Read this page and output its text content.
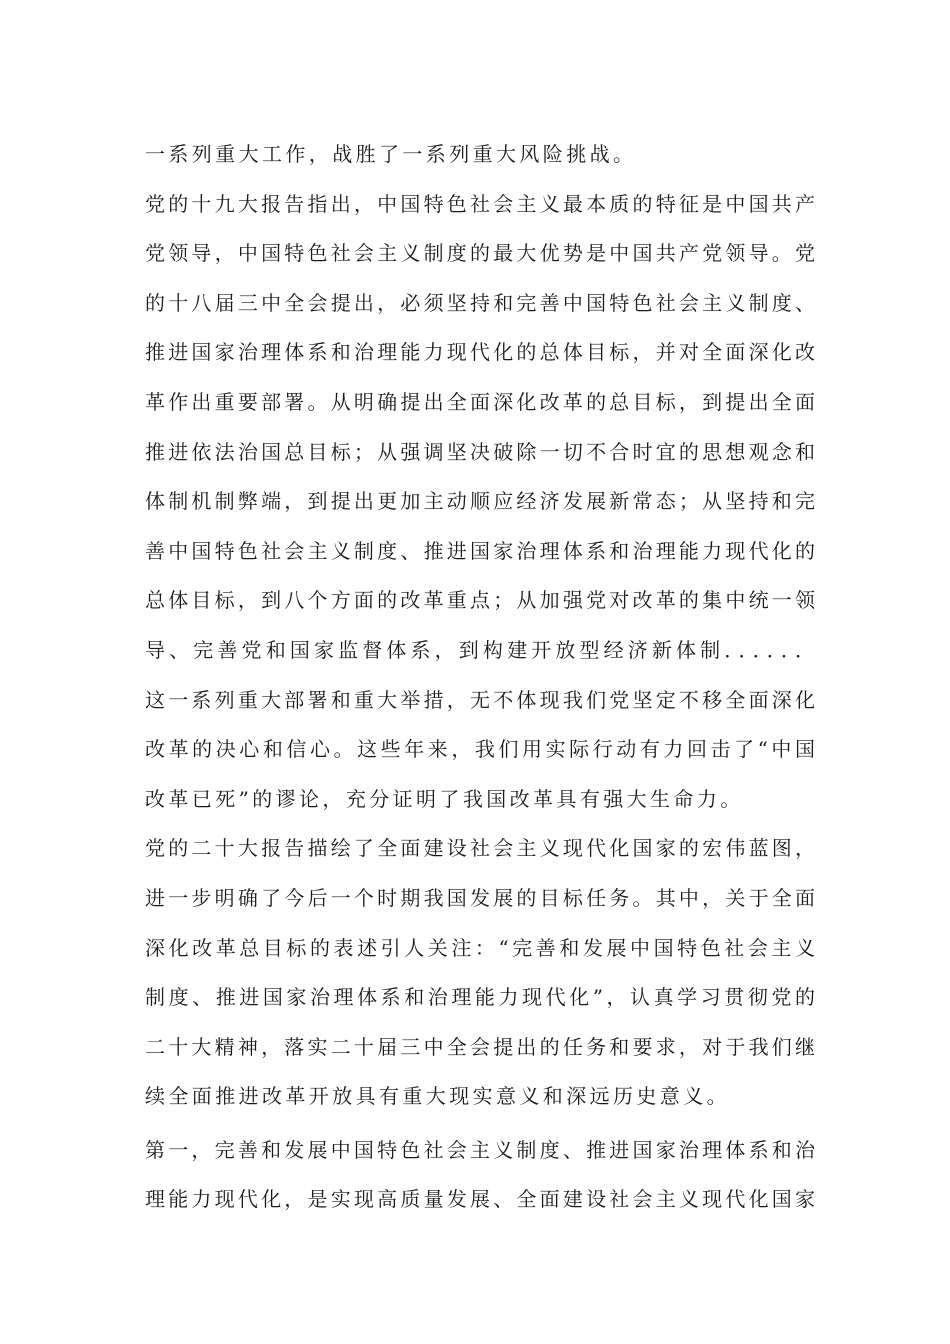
一系列重大工作，战胜了一系列重大风险挑战。
党的十九大报告指出，中国特色社会主义最本质的特征是中国共产
党领导，中国特色社会主义制度的最大优势是中国共产党领导。党
的十八届三中全会提出，必须坚持和完善中国特色社会主义制度、
推进国家治理体系和治理能力现代化的总体目标，并对全面深化改
革作出重要部署。从明确提出全面深化改革的总目标，到提出全面
推进依法治国总目标；从强调坚决破除一切不合时宜的思想观念和
体制机制弊端，到提出更加主动顺应经济发展新常态；从坚持和完
善中国特色社会主义制度、推进国家治理体系和治理能力现代化的
总体目标，到八个方面的改革重点；从加强党对改革的集中统一领
导、完善党和国家监督体系，到构建开放型经济新体制．．．．．．
这一系列重大部署和重大举措，无不体现我们党坚定不移全面深化
改革的决心和信心。这些年来，我们用实际行动有力回击了“中国
改革已死”的谬论，充分证明了我国改革具有强大生命力。
党的二十大报告描绘了全面建设社会主义现代化国家的宏伟蓝图，
进一步明确了今后一个时期我国发展的目标任务。其中，关于全面
深化改革总目标的表述引人关注：“完善和发展中国特色社会主义
制度、推进国家治理体系和治理能力现代化”，认真学习贯彻党的
二十大精神，落实二十届三中全会提出的任务和要求，对于我们继
续全面推进改革开放具有重大现实意义和深远历史意义。
第一，完善和发展中国特色社会主义制度、推进国家治理体系和治
理能力现代化，是实现高质量发展、全面建设社会主义现代化国家
